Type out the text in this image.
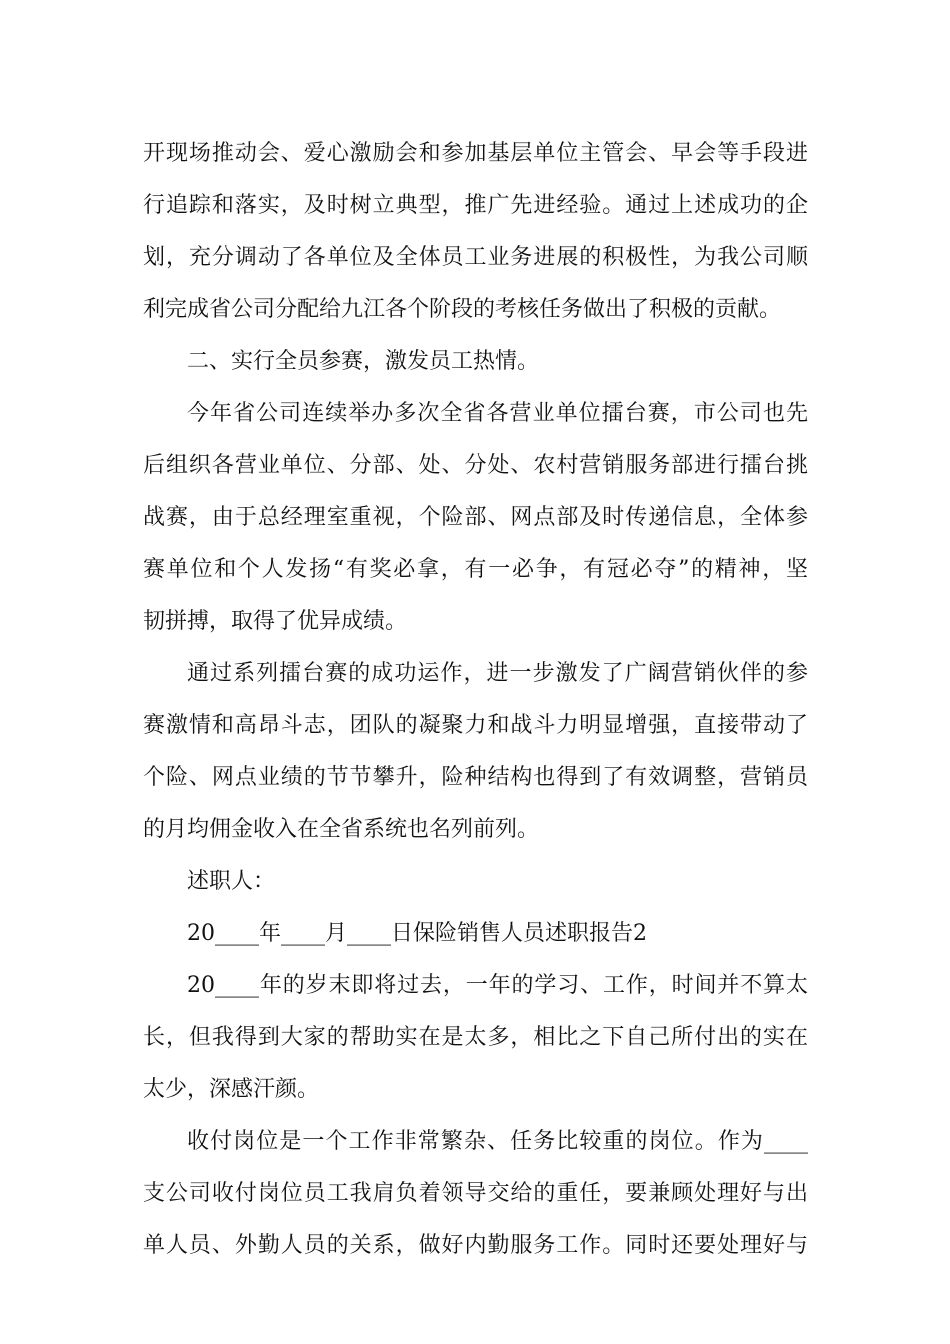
开现场推动会、爱心激励会和参加基层单位主管会、早会等手段进
行追踪和落实，及时树立典型，推广先进经验。通过上述成功的企
划，充分调动了各单位及全体员工业务进展的积极性，为我公司顺
利完成省公司分配给九江各个阶段的考核任务做出了积极的贡献。
二、实行全员参赛，激发员工热情。
今年省公司连续举办多次全省各营业单位擂台赛，市公司也先
后组织各营业单位、分部、处、分处、农村营销服务部进行擂台挑
战赛，由于总经理室重视，个险部、网点部及时传递信息，全体参
赛单位和个人发扬“有奖必拿，有一必争，有冠必夺”的精神，坚
韧拼搏，取得了优异成绩。
通过系列擂台赛的成功运作，进一步激发了广阔营销伙伴的参
赛激情和高昂斗志，团队的凝聚力和战斗力明显增强，直接带动了
个险、网点业绩的节节攀升，险种结构也得到了有效调整，营销员
的月均佣金收入在全省系统也名列前列。
述职人：
20____年____月____日保险销售人员述职报告2
20____年的岁末即将过去，一年的学习、工作，时间并不算太
长，但我得到大家的帮助实在是太多，相比之下自己所付出的实在
太少，深感汗颜。
收付岗位是一个工作非常繁杂、任务比较重的岗位。作为____
支公司收付岗位员工我肩负着领导交给的重任，要兼顾处理好与出
单人员、外勤人员的关系，做好内勤服务工作。同时还要处理好与
